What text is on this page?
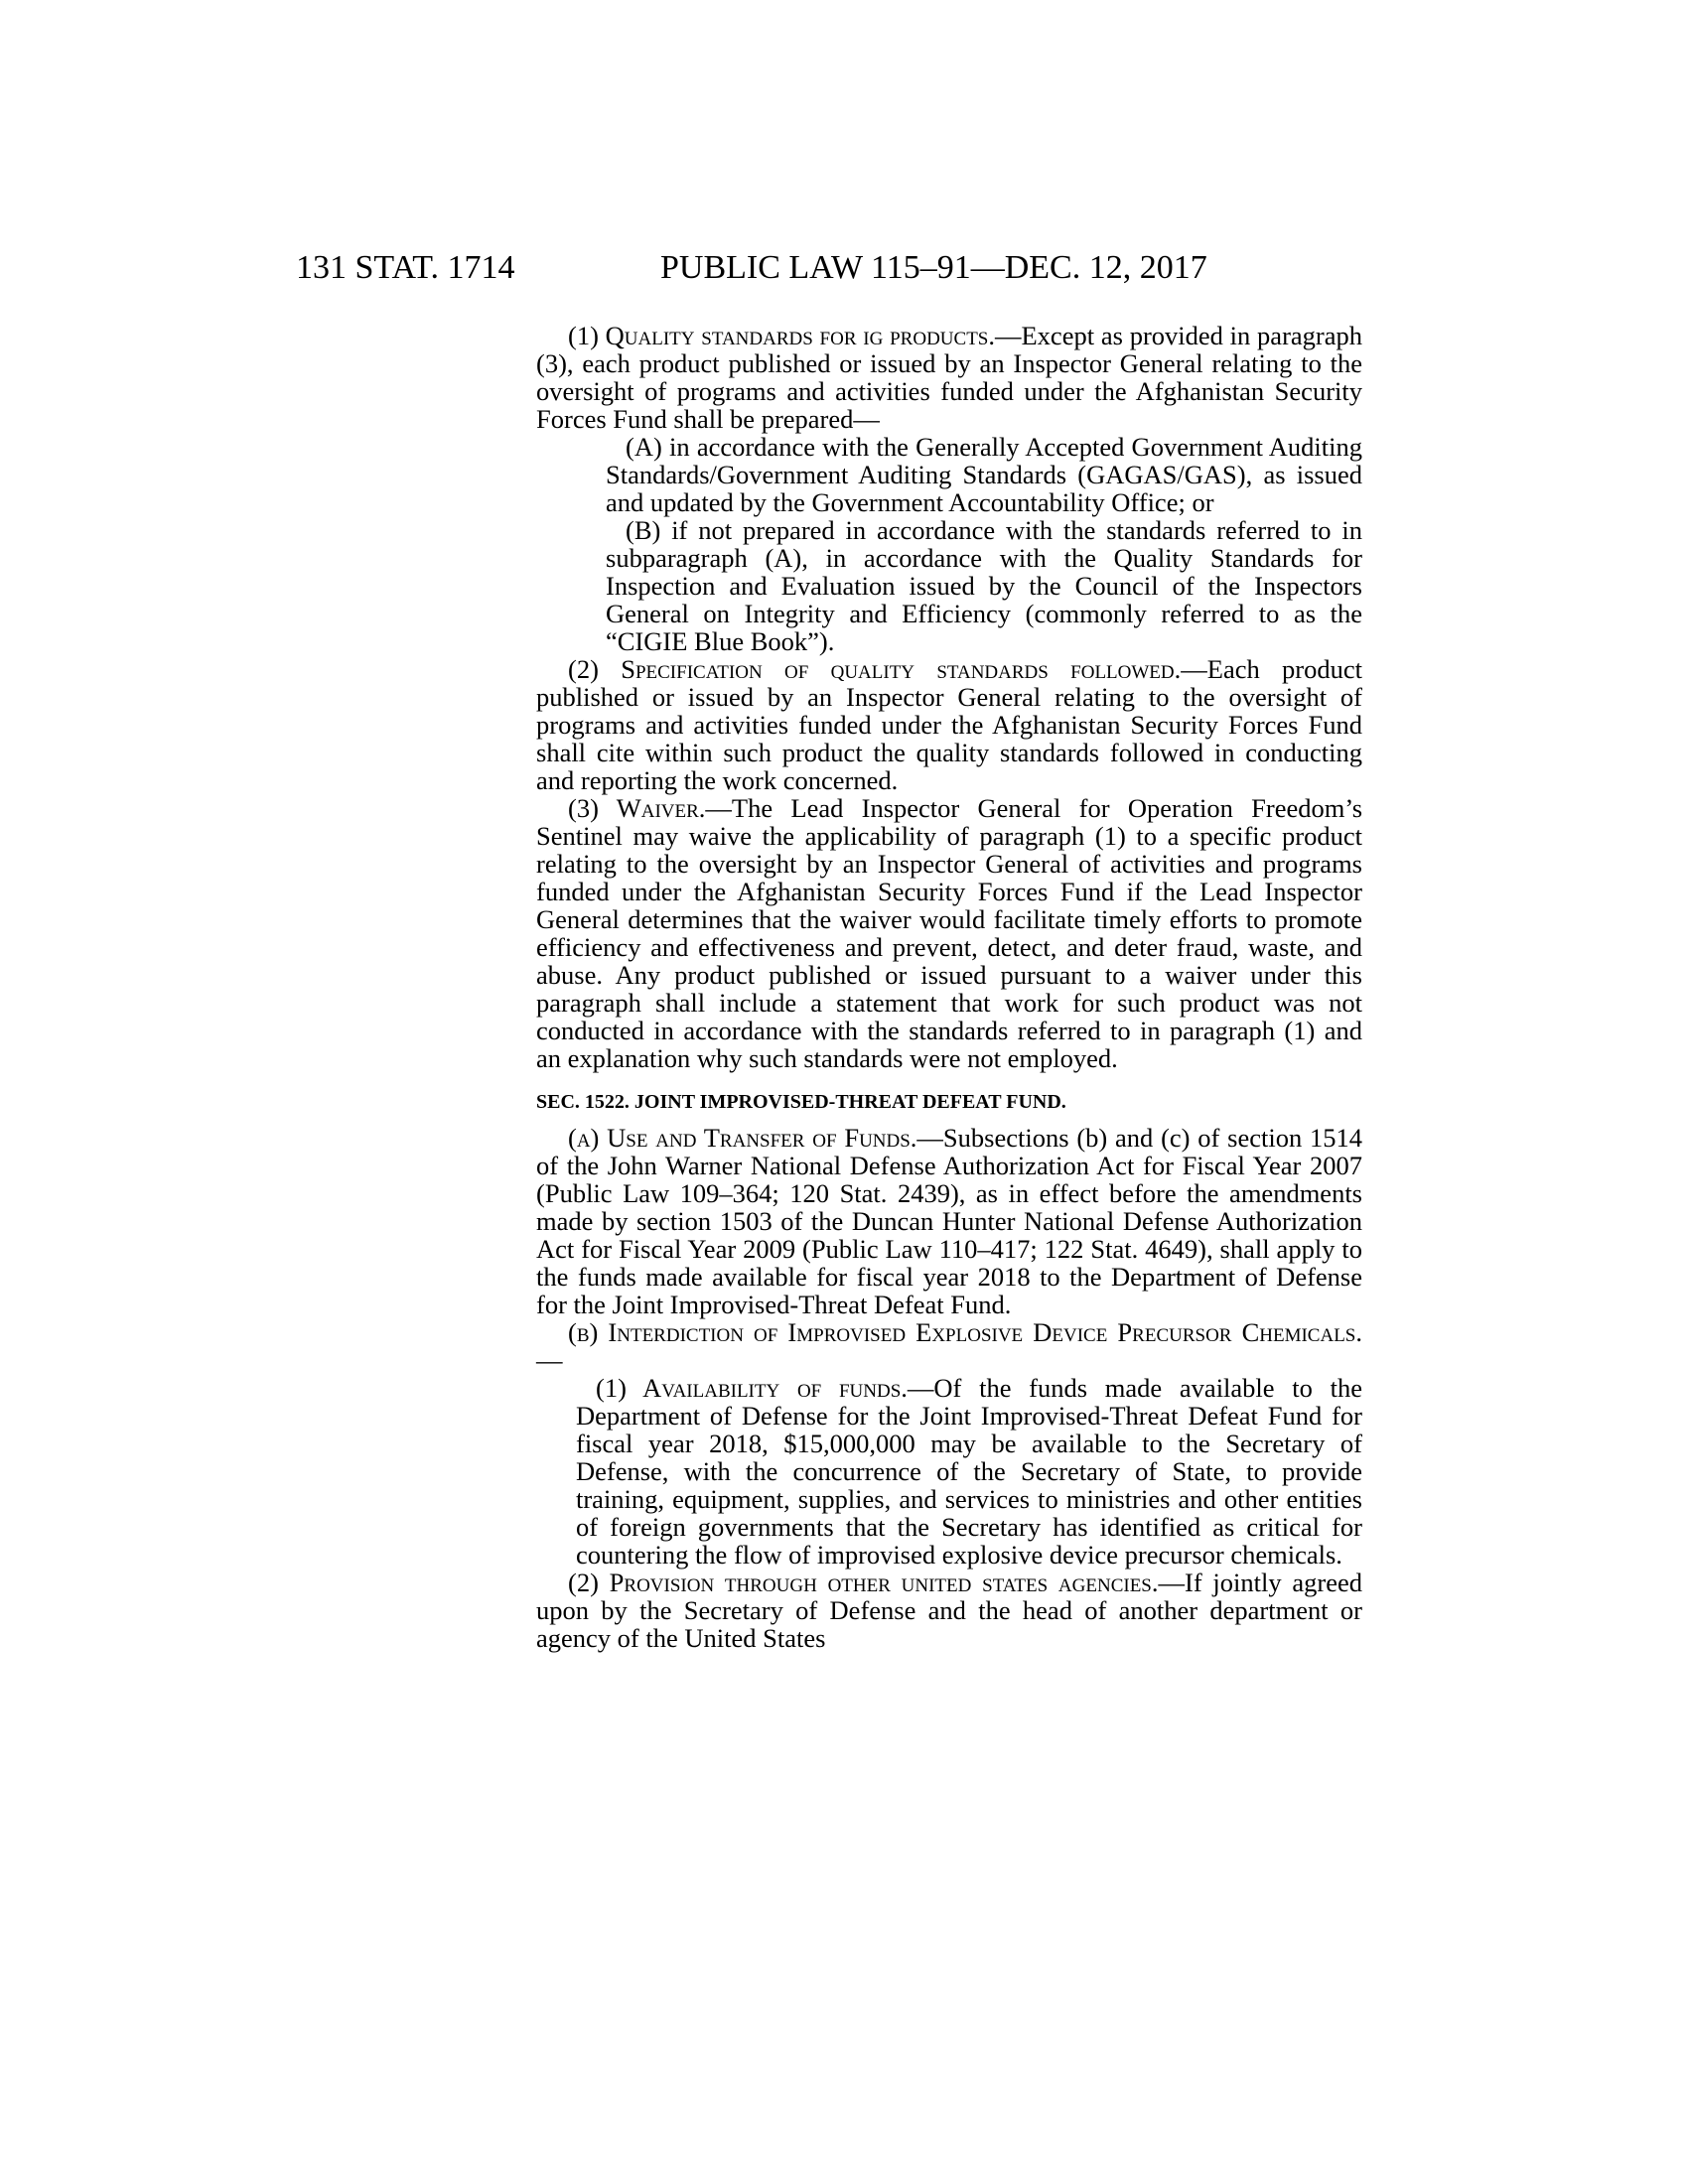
131 STAT. 1714	PUBLIC LAW 115–91—DEC. 12, 2017

(1) Quality standards for ig products.—Except as provided in paragraph (3), each product published or issued by an Inspector General relating to the oversight of programs and activities funded under the Afghanistan Security Forces Fund shall be prepared—

(A) in accordance with the Generally Accepted Government Auditing Standards/Government Auditing Standards (GAGAS/GAS), as issued and updated by the Government Accountability Office; or

(B) if not prepared in accordance with the standards referred to in subparagraph (A), in accordance with the Quality Standards for Inspection and Evaluation issued by the Council of the Inspectors General on Integrity and Efficiency (commonly referred to as the “CIGIE Blue Book”).

(2) Specification of quality standards followed.—Each product published or issued by an Inspector General relating to the oversight of programs and activities funded under the Afghanistan Security Forces Fund shall cite within such product the quality standards followed in conducting and reporting the work concerned.

(3) Waiver.—The Lead Inspector General for Operation Freedom’s Sentinel may waive the applicability of paragraph (1) to a specific product relating to the oversight by an Inspector General of activities and programs funded under the Afghanistan Security Forces Fund if the Lead Inspector General determines that the waiver would facilitate timely efforts to promote efficiency and effectiveness and prevent, detect, and deter fraud, waste, and abuse. Any product published or issued pursuant to a waiver under this paragraph shall include a statement that work for such product was not conducted in accordance with the standards referred to in paragraph (1) and an explanation why such standards were not employed.

SEC. 1522. JOINT IMPROVISED-THREAT DEFEAT FUND.

(a) Use and Transfer of Funds.—Subsections (b) and (c) of section 1514 of the John Warner National Defense Authorization Act for Fiscal Year 2007 (Public Law 109–364; 120 Stat. 2439), as in effect before the amendments made by section 1503 of the Duncan Hunter National Defense Authorization Act for Fiscal Year 2009 (Public Law 110–417; 122 Stat. 4649), shall apply to the funds made available for fiscal year 2018 to the Department of Defense for the Joint Improvised-Threat Defeat Fund.

(b) Interdiction of Improvised Explosive Device Precursor Chemicals.—

(1) Availability of funds.—Of the funds made available to the Department of Defense for the Joint Improvised-Threat Defeat Fund for fiscal year 2018, $15,000,000 may be available to the Secretary of Defense, with the concurrence of the Secretary of State, to provide training, equipment, supplies, and services to ministries and other entities of foreign governments that the Secretary has identified as critical for countering the flow of improvised explosive device precursor chemicals.

(2) Provision through other united states agencies.—If jointly agreed upon by the Secretary of Defense and the head of another department or agency of the United States
